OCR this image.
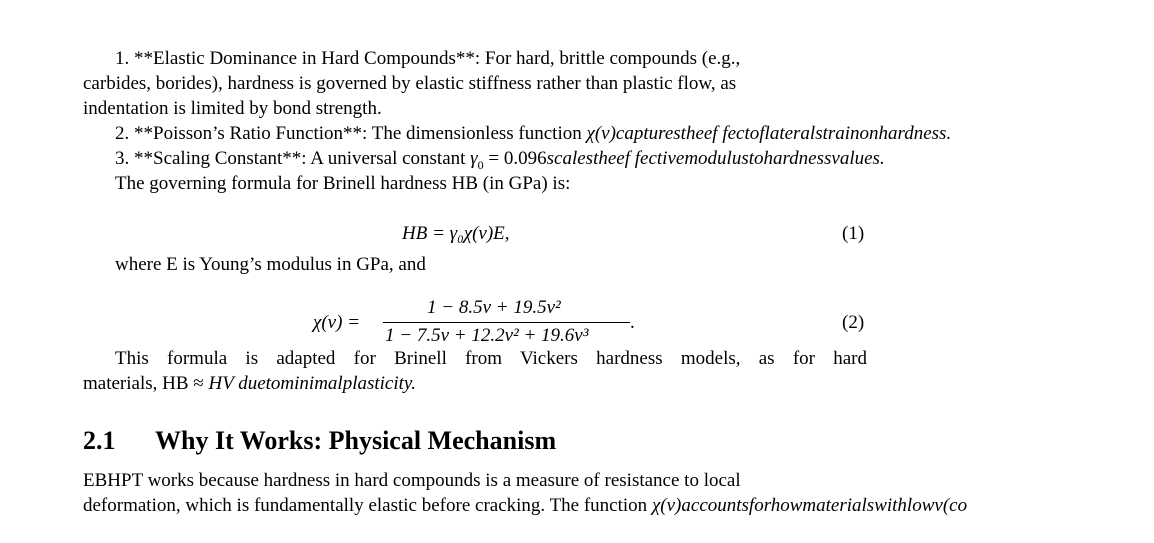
1. **Elastic Dominance in Hard Compounds**: For hard, brittle compounds (e.g.,
carbides, borides), hardness is governed by elastic stiffness rather than plastic flow, as
indentation is limited by bond strength.
2. **Poisson’s Ratio Function**: The dimensionless function χ(ν)capturestheef fectoflateralstrainonhardness.
3. **Scaling Constant**: A universal constant $\gamma_0$ = 0.096scalestheef fectivemodulustohardnessvalues.
The governing formula for Brinell hardness HB (in GPa) is:
HB = γ₀χ(ν)E,	(1)
where E is Young’s modulus in GPa, and
χ(ν) =
1 − 8.5ν + 19.5ν²
1 − 7.5ν + 12.2ν² + 19.6ν³
.	(2)
This formula is adapted for Brinell from Vickers hardness models, as for hard
materials, HB ≈ HV duetominimalplasticity.
2.1 Why It Works: Physical Mechanism
EBHPT works because hardness in hard compounds is a measure of resistance to local
deformation, which is fundamentally elastic before cracking. The function χ(ν)accountsforhowmaterialswithlowν(co
